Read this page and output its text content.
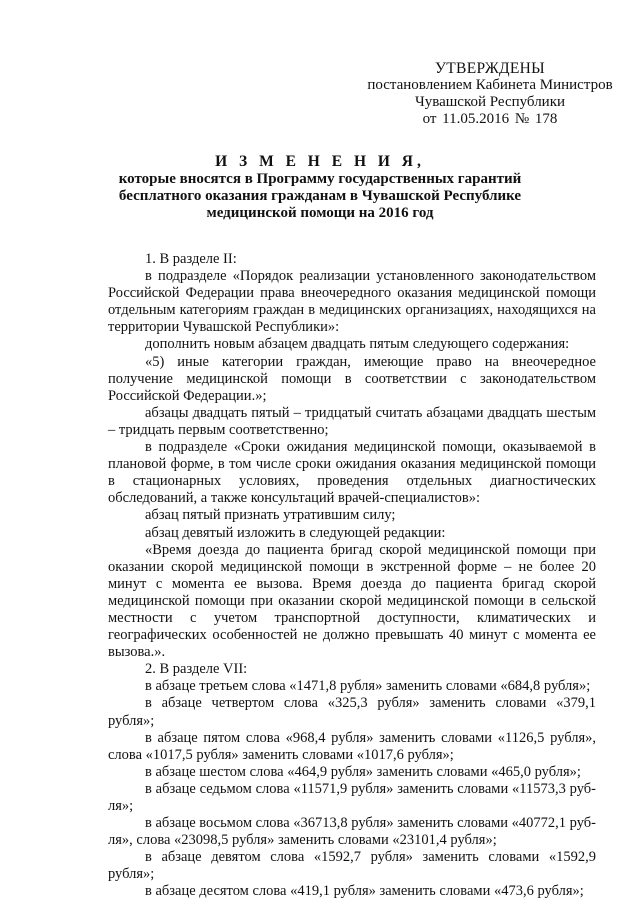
УТВЕРЖДЕНЫ
постановлением Кабинета Министров
Чувашской Республики
от 11.05.2016 № 178
И З М Е Н Е Н И Я,
которые вносятся в Программу государственных гарантий
бесплатного оказания гражданам в Чувашской Республике
медицинской помощи на 2016 год

1. В разделе II:

в подразделе «Порядок реализации установленного законодательством Российской Федерации права внеочередного оказания медицинской помощи отдельным категориям граждан в медицинских организациях, находящихся на территории Чувашской Республики»:

дополнить новым абзацем двадцать пятым следующего содержания:

«5) иные категории граждан, имеющие право на внеочередное получение медицинской помощи в соответствии с законодательством Российской Федерации.»;

абзацы двадцать пятый – тридцатый считать абзацами двадцать шестым – тридцать первым соответственно;

в подразделе «Сроки ожидания медицинской помощи, оказываемой в плановой форме, в том числе сроки ожидания оказания медицинской помощи в стационарных условиях, проведения отдельных диагностических обследований, а также консультаций врачей-специалистов»:

абзац пятый признать утратившим силу;

абзац девятый изложить в следующей редакции:

«Время доезда до пациента бригад скорой медицинской помощи при оказании скорой медицинской помощи в экстренной форме – не более 20 минут с момента ее вызова. Время доезда до пациента бригад скорой медицинской помощи при оказании скорой медицинской помощи в сельской местности с учетом транспортной доступности, климатических и географических особенностей не должно превышать 40 минут с момента ее вызова.».

2. В разделе VII:

в абзаце третьем слова «1471,8 рубля» заменить словами «684,8 рубля»;

в абзаце четвертом слова «325,3 рубля» заменить словами «379,1 рубля»;

в абзаце пятом слова «968,4 рубля» заменить словами «1126,5 рубля», слова «1017,5 рубля» заменить словами «1017,6 рубля»;

в абзаце шестом слова «464,9 рубля» заменить словами «465,0 рубля»;

в абзаце седьмом слова «11571,9 рубля» заменить словами «11573,3 рубля»;

в абзаце восьмом слова «36713,8 рубля» заменить словами «40772,1 рубля», слова «23098,5 рубля» заменить словами «23101,4 рубля»;

в абзаце девятом слова «1592,7 рубля» заменить словами «1592,9 рубля»;

в абзаце десятом слова «419,1 рубля» заменить словами «473,6 рубля»;
